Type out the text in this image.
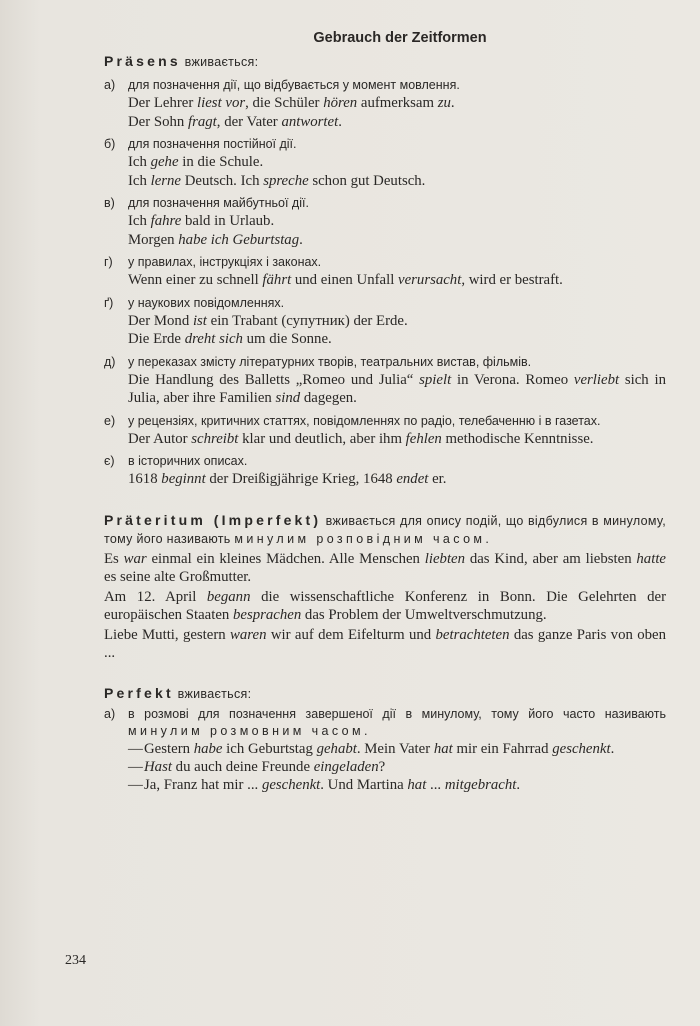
Gebrauch der Zeitformen
Präsens вживається:
а)	для позначення дії, що відбувається у момент мовлення.
Der Lehrer liest vor, die Schüler hören aufmerksam zu.
Der Sohn fragt, der Vater antwortet.
б)	для позначення постійної дії.
Ich gehe in die Schule.
Ich lerne Deutsch. Ich spreche schon gut Deutsch.
в)	для позначення майбутньої дії.
Ich fahre bald in Urlaub.
Morgen habe ich Geburtstag.
г)	у правилах, інструкціях і законах.
Wenn einer zu schnell fährt und einen Unfall verursacht, wird er bestraft.
ґ)	у наукових повідомленнях.
Der Mond ist ein Trabant (супутник) der Erde.
Die Erde dreht sich um die Sonne.
д)	у переказах змісту літературних творів, театральних вистав, фільмів.
Die Handlung des Balletts „Romeo und Julia“ spielt in Verona. Romeo verliebt sich in Julia, aber ihre Familien sind dagegen.
е)	у рецензіях, критичних статтях, повідомленнях по радіо, телебаченню і в газетах.
Der Autor schreibt klar und deutlich, aber ihm fehlen methodische Kenntnisse.
є)	в історичних описах.
1618 beginnt der Dreißigjährige Krieg, 1648 endet er.
Präteritum (Imperfekt) вживається для опису подій, що відбулися в минулому, тому його називають минулим розповідним часом.
Es war einmal ein kleines Mädchen. Alle Menschen liebten das Kind, aber am liebsten hatte es seine alte Großmutter.
Am 12. April begann die wissenschaftliche Konferenz in Bonn. Die Gelehrten der europäischen Staaten besprachen das Problem der Umweltverschmutzung.
Liebe Mutti, gestern waren wir auf dem Eifelturm und betrachteten das ganze Paris von oben ...
Perfekt вживається:
а)	в розмові для позначення завершеної дії в минулому, тому його часто називають минулим розмовним часом.
— Gestern habe ich Geburtstag gehabt. Mein Vater hat mir ein Fahrrad geschenkt.
— Hast du auch deine Freunde eingeladen?
— Ja, Franz hat mir ... geschenkt. Und Martina hat ... mitgebracht.
234
